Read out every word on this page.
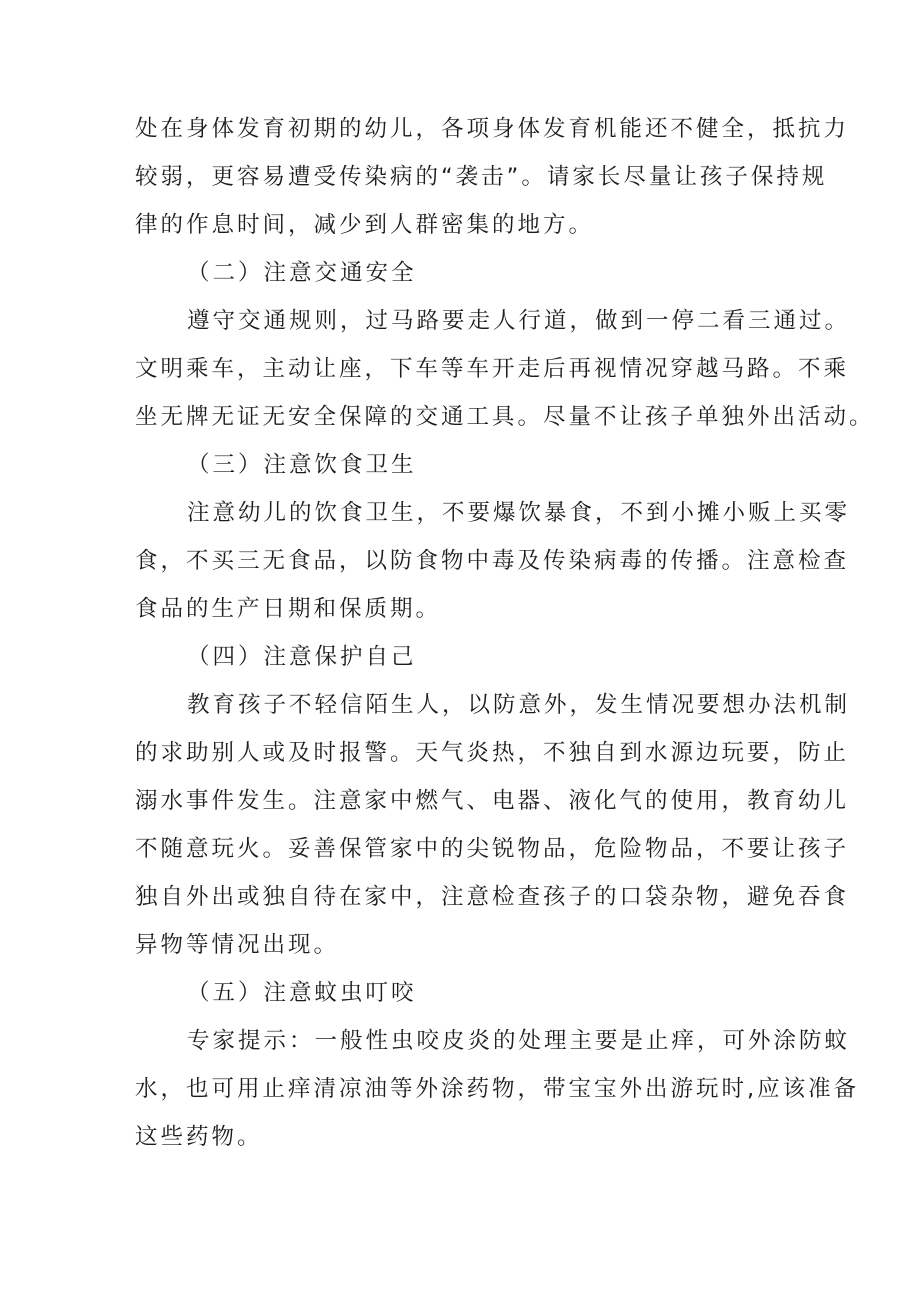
处在身体发育初期的幼儿，各项身体发育机能还不健全，抵抗力
较弱，更容易遭受传染病的“袭击”。请家长尽量让孩子保持规
律的作息时间，减少到人群密集的地方。
（二）注意交通安全
遵守交通规则，过马路要走人行道，做到一停二看三通过。
文明乘车，主动让座，下车等车开走后再视情况穿越马路。不乘
坐无牌无证无安全保障的交通工具。尽量不让孩子单独外出活动。
（三）注意饮食卫生
注意幼儿的饮食卫生，不要爆饮暴食，不到小摊小贩上买零
食，不买三无食品，以防食物中毒及传染病毒的传播。注意检查
食品的生产日期和保质期。
（四）注意保护自己
教育孩子不轻信陌生人，以防意外，发生情况要想办法机制
的求助别人或及时报警。天气炎热，不独自到水源边玩要，防止
溺水事件发生。注意家中燃气、电器、液化气的使用，教育幼儿
不随意玩火。妥善保管家中的尖锐物品，危险物品，不要让孩子
独自外出或独自待在家中，注意检查孩子的口袋杂物，避免吞食
异物等情况出现。
（五）注意蚊虫叮咬
专家提示：一般性虫咬皮炎的处理主要是止痒，可外涂防蚊
水，也可用止痒清凉油等外涂药物，带宝宝外出游玩时,应该准备
这些药物。
